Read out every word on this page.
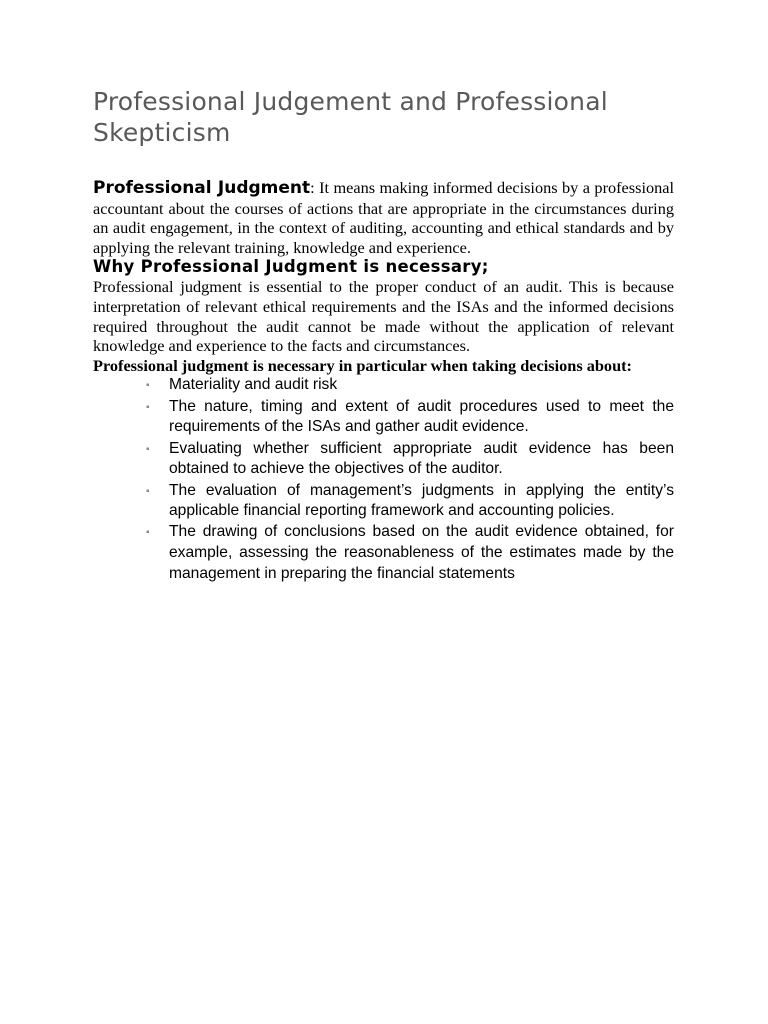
Professional Judgement and Professional Skepticism

Professional Judgment: It means making informed decisions by a professional accountant about the courses of actions that are appropriate in the circumstances during an audit engagement, in the context of auditing, accounting and ethical standards and by applying the relevant training, knowledge and experience.

Why Professional Judgment is necessary;

Professional judgment is essential to the proper conduct of an audit. This is because interpretation of relevant ethical requirements and the ISAs and the informed decisions required throughout the audit cannot be made without the application of relevant knowledge and experience to the facts and circumstances.

Professional judgment is necessary in particular when taking decisions about:

▪ Materiality and audit risk
▪ The nature, timing and extent of audit procedures used to meet the requirements of the ISAs and gather audit evidence.
▪ Evaluating whether sufficient appropriate audit evidence has been obtained to achieve the objectives of the auditor.
▪ The evaluation of management’s judgments in applying the entity’s applicable financial reporting framework and accounting policies.
▪ The drawing of conclusions based on the audit evidence obtained, for example, assessing the reasonableness of the estimates made by the management in preparing the financial statements
